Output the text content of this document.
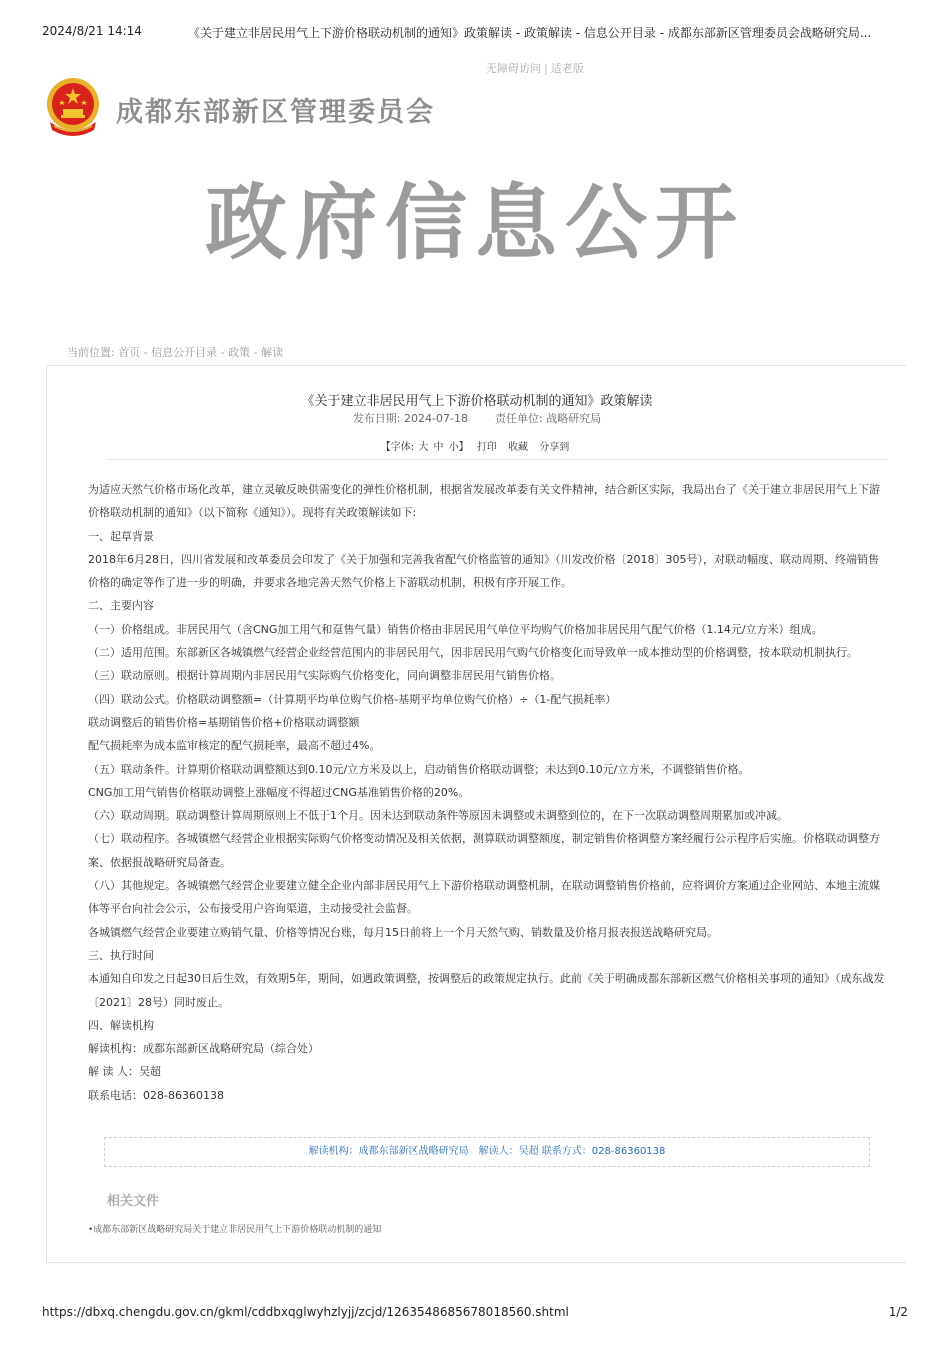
2024/8/21 14:14	《关于建立非居民用气上下游价格联动机制的通知》政策解读 - 政策解读 - 信息公开目录 - 成都东部新区管理委员会战略研究局...
无障碍访问 | 适老版
成都东部新区管理委员会
政府信息公开
当前位置: 首页 - 信息公开目录 - 政策 - 解读
《关于建立非居民用气上下游价格联动机制的通知》政策解读
发布日期: 2024-07-18 责任单位: 战略研究局
【字体: 大 中 小】 打印 收藏 分享到

为适应天然气价格市场化改革，建立灵敏反映供需变化的弹性价格机制，根据省发展改革委有关文件精神，结合新区实际，我局出台了《关于建立非居民用气上下游价格联动机制的通知》（以下简称《通知》）。现将有关政策解读如下:

一、起草背景

2018年6月28日，四川省发展和改革委员会印发了《关于加强和完善我省配气价格监管的通知》（川发改价格〔2018〕305号），对联动幅度、联动周期、终端销售价格的确定等作了进一步的明确，并要求各地完善天然气价格上下游联动机制，积极有序开展工作。

二、主要内容

（一）价格组成。非居民用气（含CNG加工用气和趸售气量）销售价格由非居民用气单位平均购气价格加非居民用气配气价格（1.14元/立方米）组成。

（二）适用范围。东部新区各城镇燃气经营企业经营范围内的非居民用气，因非居民用气购气价格变化而导致单一成本推动型的价格调整，按本联动机制执行。

（三）联动原则。根据计算周期内非居民用气实际购气价格变化，同向调整非居民用气销售价格。

（四）联动公式。价格联动调整额=（计算期平均单位购气价格-基期平均单位购气价格）÷（1-配气损耗率）

联动调整后的销售价格=基期销售价格+价格联动调整额

配气损耗率为成本监审核定的配气损耗率，最高不超过4%。

（五）联动条件。计算期价格联动调整额达到0.10元/立方米及以上，启动销售价格联动调整；未达到0.10元/立方米，不调整销售价格。

CNG加工用气销售价格联动调整上涨幅度不得超过CNG基准销售价格的20%。

（六）联动周期。联动调整计算周期原则上不低于1个月。因未达到联动条件等原因未调整或未调整到位的，在下一次联动调整周期累加或冲减。

（七）联动程序。各城镇燃气经营企业根据实际购气价格变动情况及相关依据，测算联动调整额度，制定销售价格调整方案经履行公示程序后实施。价格联动调整方案、依据报战略研究局备查。

（八）其他规定。各城镇燃气经营企业要建立健全企业内部非居民用气上下游价格联动调整机制，在联动调整销售价格前，应将调价方案通过企业网站、本地主流媒体等平台向社会公示，公布接受用户咨询渠道，主动接受社会监督。

各城镇燃气经营企业要建立购销气量、价格等情况台账，每月15日前将上一个月天然气购、销数量及价格月报表报送战略研究局。

三、执行时间

本通知自印发之日起30日后生效，有效期5年，期间，如遇政策调整，按调整后的政策规定执行。此前《关于明确成都东部新区燃气价格相关事项的通知》（成东战发〔2021〕28号）同时废止。

四、解读机构

解读机构：成都东部新区战略研究局（综合处）

解 读 人：吴超

联系电话：028-86360138

解读机构：成都东部新区战略研究局 解读人：吴超 联系方式：028-86360138
相关文件
•成都东部新区战略研究局关于建立非居民用气上下游价格联动机制的通知
https://dbxq.chengdu.gov.cn/gkml/cddbxqglwyhzlyjj/zcjd/1263548685678018560.shtml	1/2
